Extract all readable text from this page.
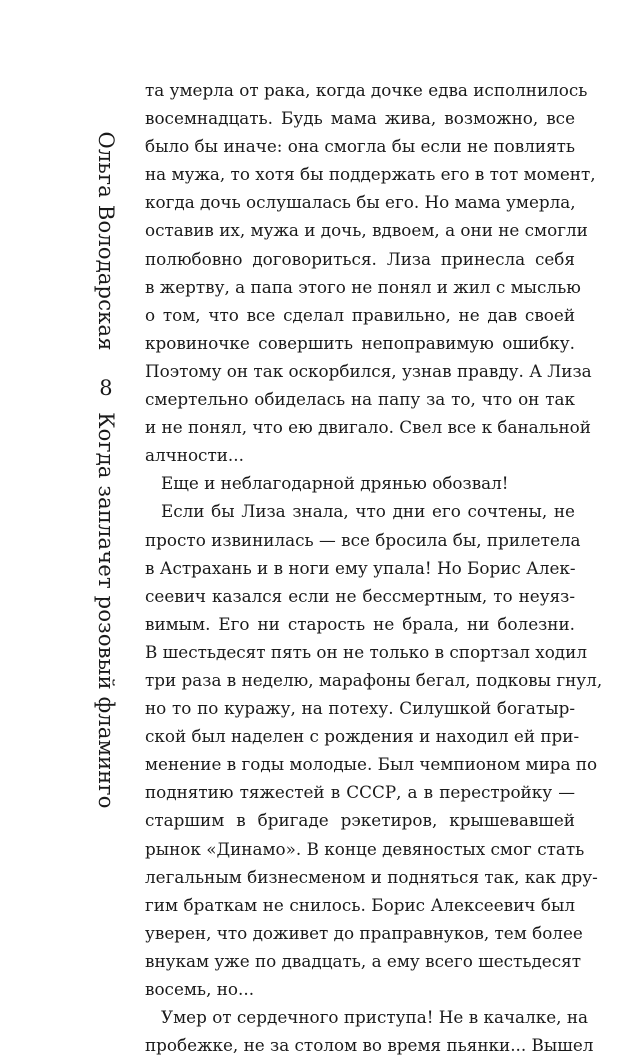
Ольга Володарская
8
Когда заплачет розовый фламинго
та умерла от рака, когда дочке едва исполнилось
восемнадцать. Будь мама жива, возможно, все
было бы иначе: она смогла бы если не повлиять
на мужа, то хотя бы поддержать его в тот момент,
когда дочь ослушалась бы его. Но мама умерла,
оставив их, мужа и дочь, вдвоем, а они не смогли
полюбовно договориться. Лиза принесла себя
в жертву, а папа этого не понял и жил с мыслью
о том, что все сделал правильно, не дав своей
кровиночке совершить непоправимую ошибку.
Поэтому он так оскорбился, узнав правду. А Лиза
смертельно обиделась на папу за то, что он так
и не понял, что ею двигало. Свел все к банальной
алчности...
Еще и неблагодарной дрянью обозвал!
Если бы Лиза знала, что дни его сочтены, не
просто извинилась — все бросила бы, прилетела
в Астрахань и в ноги ему упала! Но Борис Алек-
сеевич казался если не бессмертным, то неуяз-
вимым. Его ни старость не брала, ни болезни.
В шестьдесят пять он не только в спортзал ходил
три раза в неделю, марафоны бегал, подковы гнул,
но то по куражу, на потеху. Силушкой богатыр-
ской был наделен с рождения и находил ей при-
менение в годы молодые. Был чемпионом мира по
поднятию тяжестей в СССР, а в перестройку —
старшим в бригаде рэкетиров, крышевавшей
рынок «Динамо». В конце девяностых смог стать
легальным бизнесменом и подняться так, как дру-
гим браткам не снилось. Борис Алексеевич был
уверен, что доживет до праправнуков, тем более
внукам уже по двадцать, а ему всего шестьдесят
восемь, но...
Умер от сердечного приступа! Не в качалке, на
пробежке, не за столом во время пьянки... Вышел
